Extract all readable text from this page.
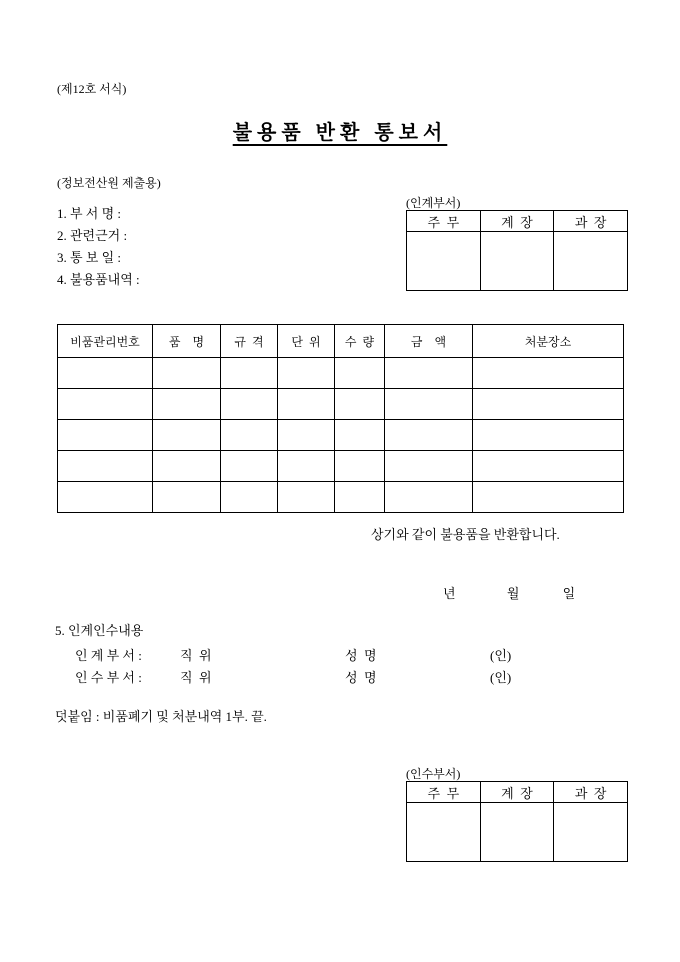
(제12호 서식)
불용품 반환 통보서
(정보전산원 제출용)
1. 부 서 명 :
2. 관련근거 :
3. 통 보 일 :
4. 불용품내역 :
(인계부서)
주  무	계  장	과  장

비품관리번호	품    명	규  격	단  위	수  량	금    액	처분장소

상기와 같이 불용품을 반환합니다.
년	월	일
5. 인계인수내용
인 계 부 서 :	직  위	성  명	(인)
인 수 부 서 :	직  위	성  명	(인)
덧붙임 : 비품폐기 및 처분내역 1부. 끝.
(인수부서)
주  무	계  장	과  장
